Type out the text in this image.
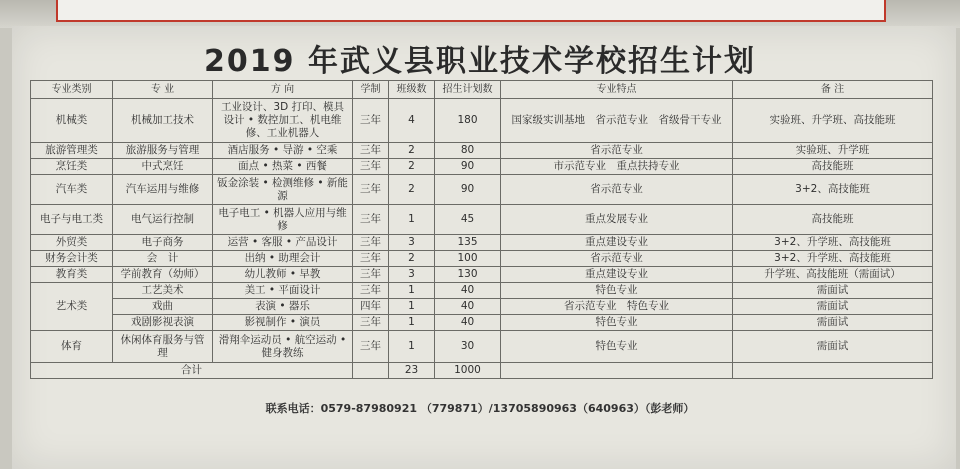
2019 年武义县职业技术学校招生计划
专业类别	专 业	方 向	学制	班级数	招生计划数	专业特点	备 注
机械类	机械加工技术	工业设计、3D 打印、模具设计 • 数控加工、机电维修、工业机器人	三年	4	180	国家级实训基地　省示范专业　省级骨干专业	实验班、升学班、高技能班
旅游管理类	旅游服务与管理	酒店服务 • 导游 • 空乘	三年	2	80	省示范专业	实验班、升学班
烹饪类	中式烹饪	面点 • 热菜 • 西餐	三年	2	90	市示范专业　重点扶持专业	高技能班
汽车类	汽车运用与维修	钣金涂装 • 检测维修 • 新能源	三年	2	90	省示范专业	3+2、高技能班
电子与电工类	电气运行控制	电子电工 • 机器人应用与维修	三年	1	45	重点发展专业	高技能班
外贸类	电子商务	运营 • 客服 • 产品设计	三年	3	135	重点建设专业	3+2、升学班、高技能班
财务会计类	会　计	出纳 • 助理会计	三年	2	100	省示范专业	3+2、升学班、高技能班
教育类	学前教育（幼师）	幼儿教师 • 早教	三年	3	130	重点建设专业	升学班、高技能班（需面试）
艺术类	工艺美术	美工 • 平面设计	三年	1	40	特色专业	需面试
	戏曲	表演 • 器乐	四年	1	40	省示范专业　特色专业	需面试
	戏剧影视表演	影视制作 • 演员	三年	1	40	特色专业	需面试
体育	休闲体育服务与管理	滑翔伞运动员 • 航空运动 • 健身教练	三年	1	30	特色专业	需面试
合计				23	1000		
联系电话：0579-87980921 （779871）/13705890963（640963）（彭老师）
